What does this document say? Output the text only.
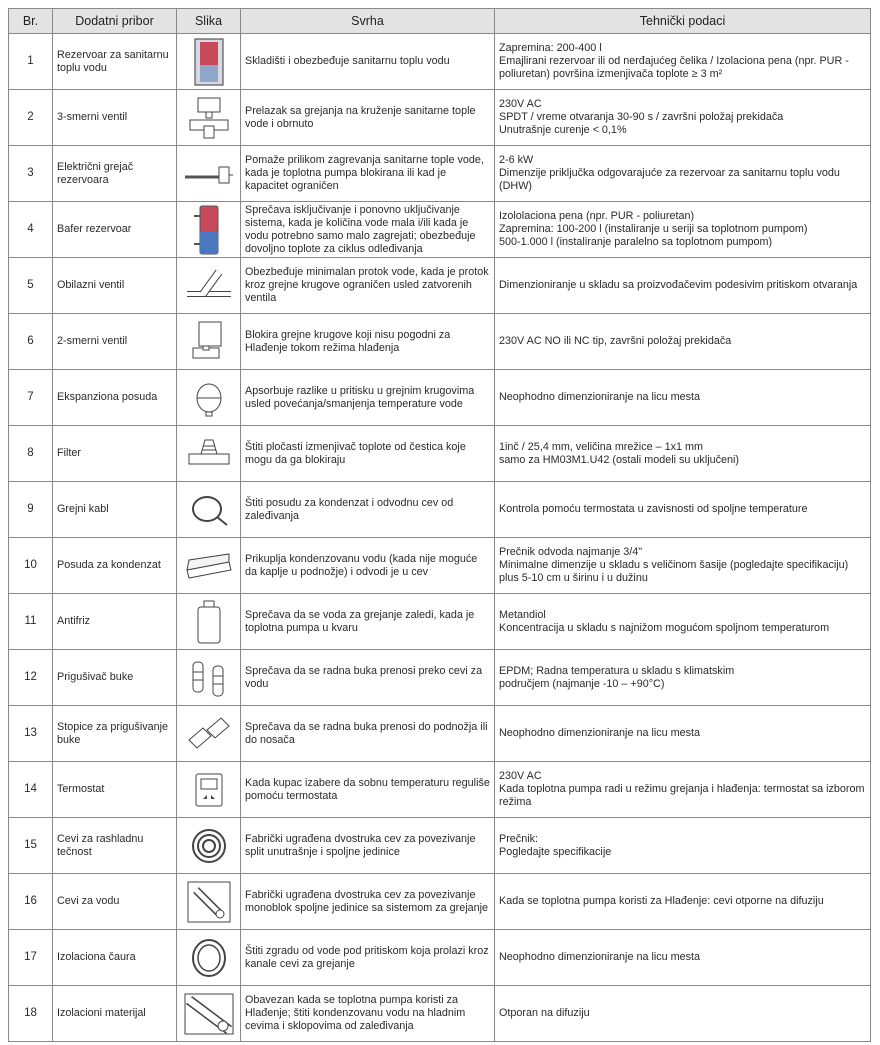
Br.	Dodatni pribor	Slika	Svrha	Tehnički podaci
1	Rezervoar za sanitarnu toplu vodu		Skladišti i obezbeđuje sanitarnu toplu vodu	Zapremina: 200-400 l
Emajlirani rezervoar ili od nerđajućeg čelika / Izolaciona pena (npr. PUR - poliuretan) površina izmenjivača toplote ≥ 3 m²
2	3-smerni ventil		Prelazak sa grejanja na kruženje sanitarne tople vode i obrnuto	230V AC
SPDT / vreme otvaranja 30-90 s / završni položaj prekidača
Unutrašnje curenje < 0,1%
3	Električni grejač rezervoara		Pomaže prilikom zagrevanja sanitarne tople vode, kada je toplotna pumpa blokirana ili kad je kapacitet ograničen	2-6 kW
Dimenzije priključka odgovarajuće za rezervoar za sanitarnu toplu vodu (DHW)
4	Bafer rezervoar		Sprečava isključivanje i ponovno uključivanje sistema, kada je količina vode mala i/ili kada je vodu potrebno samo malo zagrejati; obezbeđuje dovoljno toplote za ciklus odleđivanja	Izololaciona pena (npr. PUR - poliuretan)
Zapremina: 100-200 l (instaliranje u seriji sa toplotnom pumpom)
500-1.000 l (instaliranje paralelno sa toplotnom pumpom)
5	Obilazni ventil		Obezbeđuje minimalan protok vode, kada je protok kroz grejne krugove ograničen usled zatvorenih ventila	Dimenzioniranje u skladu sa proizvođačevim podesivim pritiskom otvaranja
6	2-smerni ventil		Blokira grejne krugove koji nisu pogodni za Hlađenje tokom režima hlađenja	230V AC NO ili NC tip, završni položaj prekidača
7	Ekspanziona posuda		Apsorbuje razlike u pritisku u grejnim krugovima usled povećanja/smanjenja temperature vode	Neophodno dimenzioniranje na licu mesta
8	Filter		Štiti pločasti izmenjivač toplote od čestica koje mogu da ga blokiraju	1inč / 25,4 mm, veličina mrežice – 1x1 mm
samo za HM03M1.U42 (ostali modeli su uključeni)
9	Grejni kabl		Štiti posudu za kondenzat i odvodnu cev od zaleđivanja	Kontrola pomoću termostata u zavisnosti od spoljne temperature
10	Posuda za kondenzat		Prikuplja kondenzovanu vodu (kada nije moguće da kaplje u podnožje) i odvodi je u cev	Prečnik odvoda najmanje 3/4"
Minimalne dimenzije u skladu s veličinom šasije (pogledajte specifikaciju) plus 5-10 cm u širinu i u dužinu
11	Antifriz		Sprečava da se voda za grejanje zaledi, kada je toplotna pumpa u kvaru	Metandiol
Koncentracija u skladu s najnižom mogućom spoljnom temperaturom
12	Prigušivač buke		Sprečava da se radna buka prenosi preko cevi za vodu	EPDM; Radna temperatura u skladu s klimatskim
područjem (najmanje -10 – +90°C)
13	Stopice za prigušivanje buke		Sprečava da se radna buka prenosi do podnožja ili do nosača	Neophodno dimenzioniranje na licu mesta
14	Termostat		Kada kupac izabere da sobnu temperaturu reguliše pomoću termostata	230V AC
Kada toplotna pumpa radi u režimu grejanja i hlađenja: termostat sa izborom režima
15	Cevi za rashladnu tečnost		Fabrički ugrađena dvostruka cev za povezivanje split unutrašnje i spoljne jedinice	Prečnik:
Pogledajte specifikacije
16	Cevi za vodu		Fabrički ugrađena dvostruka cev za povezivanje monoblok spoljne jedinice sa sistemom za grejanje	Kada se toplotna pumpa koristi za Hlađenje: cevi otporne na difuziju
17	Izolaciona čaura		Štiti zgradu od vode pod pritiskom koja prolazi kroz kanale cevi za grejanje	Neophodno dimenzioniranje na licu mesta
18	Izolacioni materijal		Obavezan kada se toplotna pumpa koristi za Hlađenje; štiti kondenzovanu vodu na hladnim cevima i sklopovima od zaleđivanja	Otporan na difuziju
